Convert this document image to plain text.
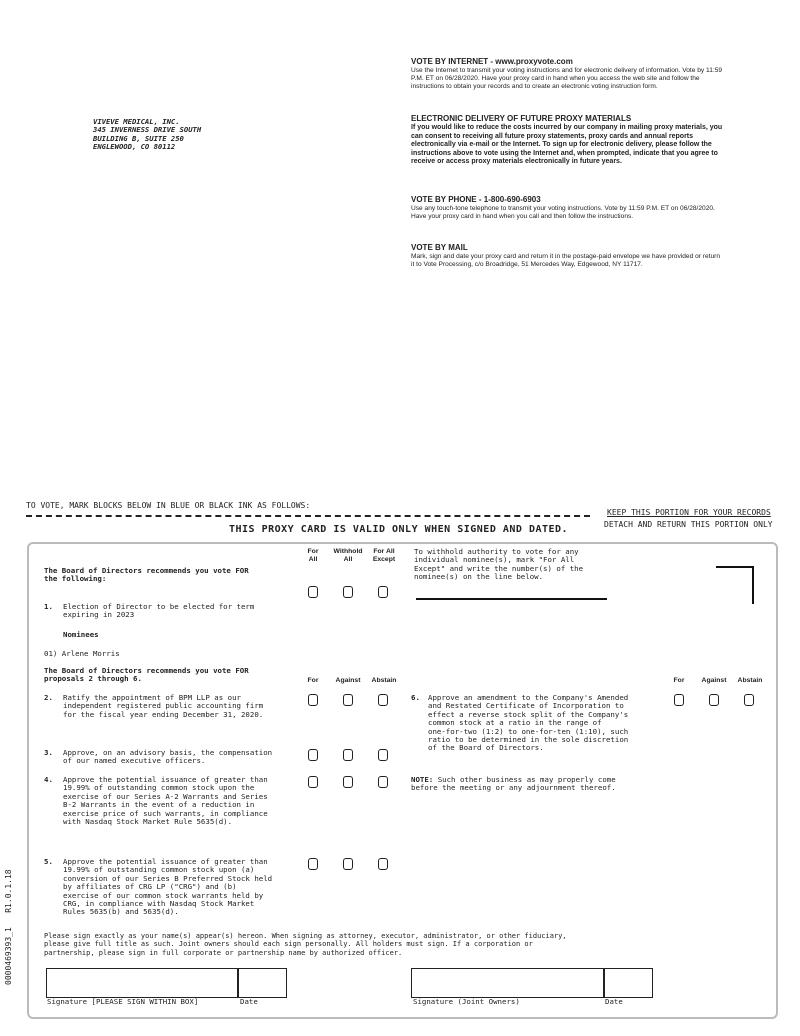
VIVEVE MEDICAL, INC.
345 INVERNESS DRIVE SOUTH
BUILDING B, SUITE 250
ENGLEWOOD, CO 80112
VOTE BY INTERNET - www.proxyvote.com
Use the Internet to transmit your voting instructions and for electronic delivery of information. Vote by 11:59 P.M. ET on 06/28/2020. Have your proxy card in hand when you access the web site and follow the instructions to obtain your records and to create an electronic voting instruction form.
ELECTRONIC DELIVERY OF FUTURE PROXY MATERIALS
If you would like to reduce the costs incurred by our company in mailing proxy materials, you can consent to receiving all future proxy statements, proxy cards and annual reports electronically via e-mail or the Internet. To sign up for electronic delivery, please follow the instructions above to vote using the Internet and, when prompted, indicate that you agree to receive or access proxy materials electronically in future years.
VOTE BY PHONE - 1-800-690-6903
Use any touch-tone telephone to transmit your voting instructions. Vote by 11:59 P.M. ET on 06/28/2020. Have your proxy card in hand when you call and then follow the instructions.
VOTE BY MAIL
Mark, sign and date your proxy card and return it in the postage-paid envelope we have provided or return it to Vote Processing, c/o Broadridge, 51 Mercedes Way, Edgewood, NY 11717.
TO VOTE, MARK BLOCKS BELOW IN BLUE OR BLACK INK AS FOLLOWS:
KEEP THIS PORTION FOR YOUR RECORDS
DETACH AND RETURN THIS PORTION ONLY
THIS PROXY CARD IS VALID ONLY WHEN SIGNED AND DATED.
The Board of Directors recommends you vote FOR
the following:
For
All
Withhold
All
For All
Except
To withhold authority to vote for any
individual nominee(s), mark "For All
Except" and write the number(s) of the
nominee(s) on the line below.
1. Election of Director to be elected for term
expiring in 2023
Nominees
01) Arlene Morris
The Board of Directors recommends you vote FOR
proposals 2 through 6.	For	Against	Abstain	For	Against	Abstain
2. Ratify the appointment of BPM LLP as our
independent registered public accounting firm
for the fiscal year ending December 31, 2020.
6. Approve an amendment to the Company's Amended
and Restated Certificate of Incorporation to
effect a reverse stock split of the Company's
common stock at a ratio in the range of
one-for-two (1:2) to one-for-ten (1:10), such
ratio to be determined in the sole discretion
of the Board of Directors.
3. Approve, on an advisory basis, the compensation
of our named executive officers.
4. Approve the potential issuance of greater than
19.99% of outstanding common stock upon the
exercise of our Series A-2 Warrants and Series
B-2 Warrants in the event of a reduction in
exercise price of such warrants, in compliance
with Nasdaq Stock Market Rule 5635(d).
NOTE: Such other business as may properly come
before the meeting or any adjournment thereof.
5. Approve the potential issuance of greater than
19.99% of outstanding common stock upon (a)
conversion of our Series B Preferred Stock held
by affiliates of CRG LP ("CRG") and (b)
exercise of our common stock warrants held by
CRG, in compliance with Nasdaq Stock Market
Rules 5635(b) and 5635(d).
Please sign exactly as your name(s) appear(s) hereon. When signing as attorney, executor, administrator, or other fiduciary,
please give full title as such. Joint owners should each sign personally. All holders must sign. If a corporation or
partnership, please sign in full corporate or partnership name by authorized officer.
Signature [PLEASE SIGN WITHIN BOX]	Date	Signature (Joint Owners)	Date
0000469393_1   R1.0.1.18
